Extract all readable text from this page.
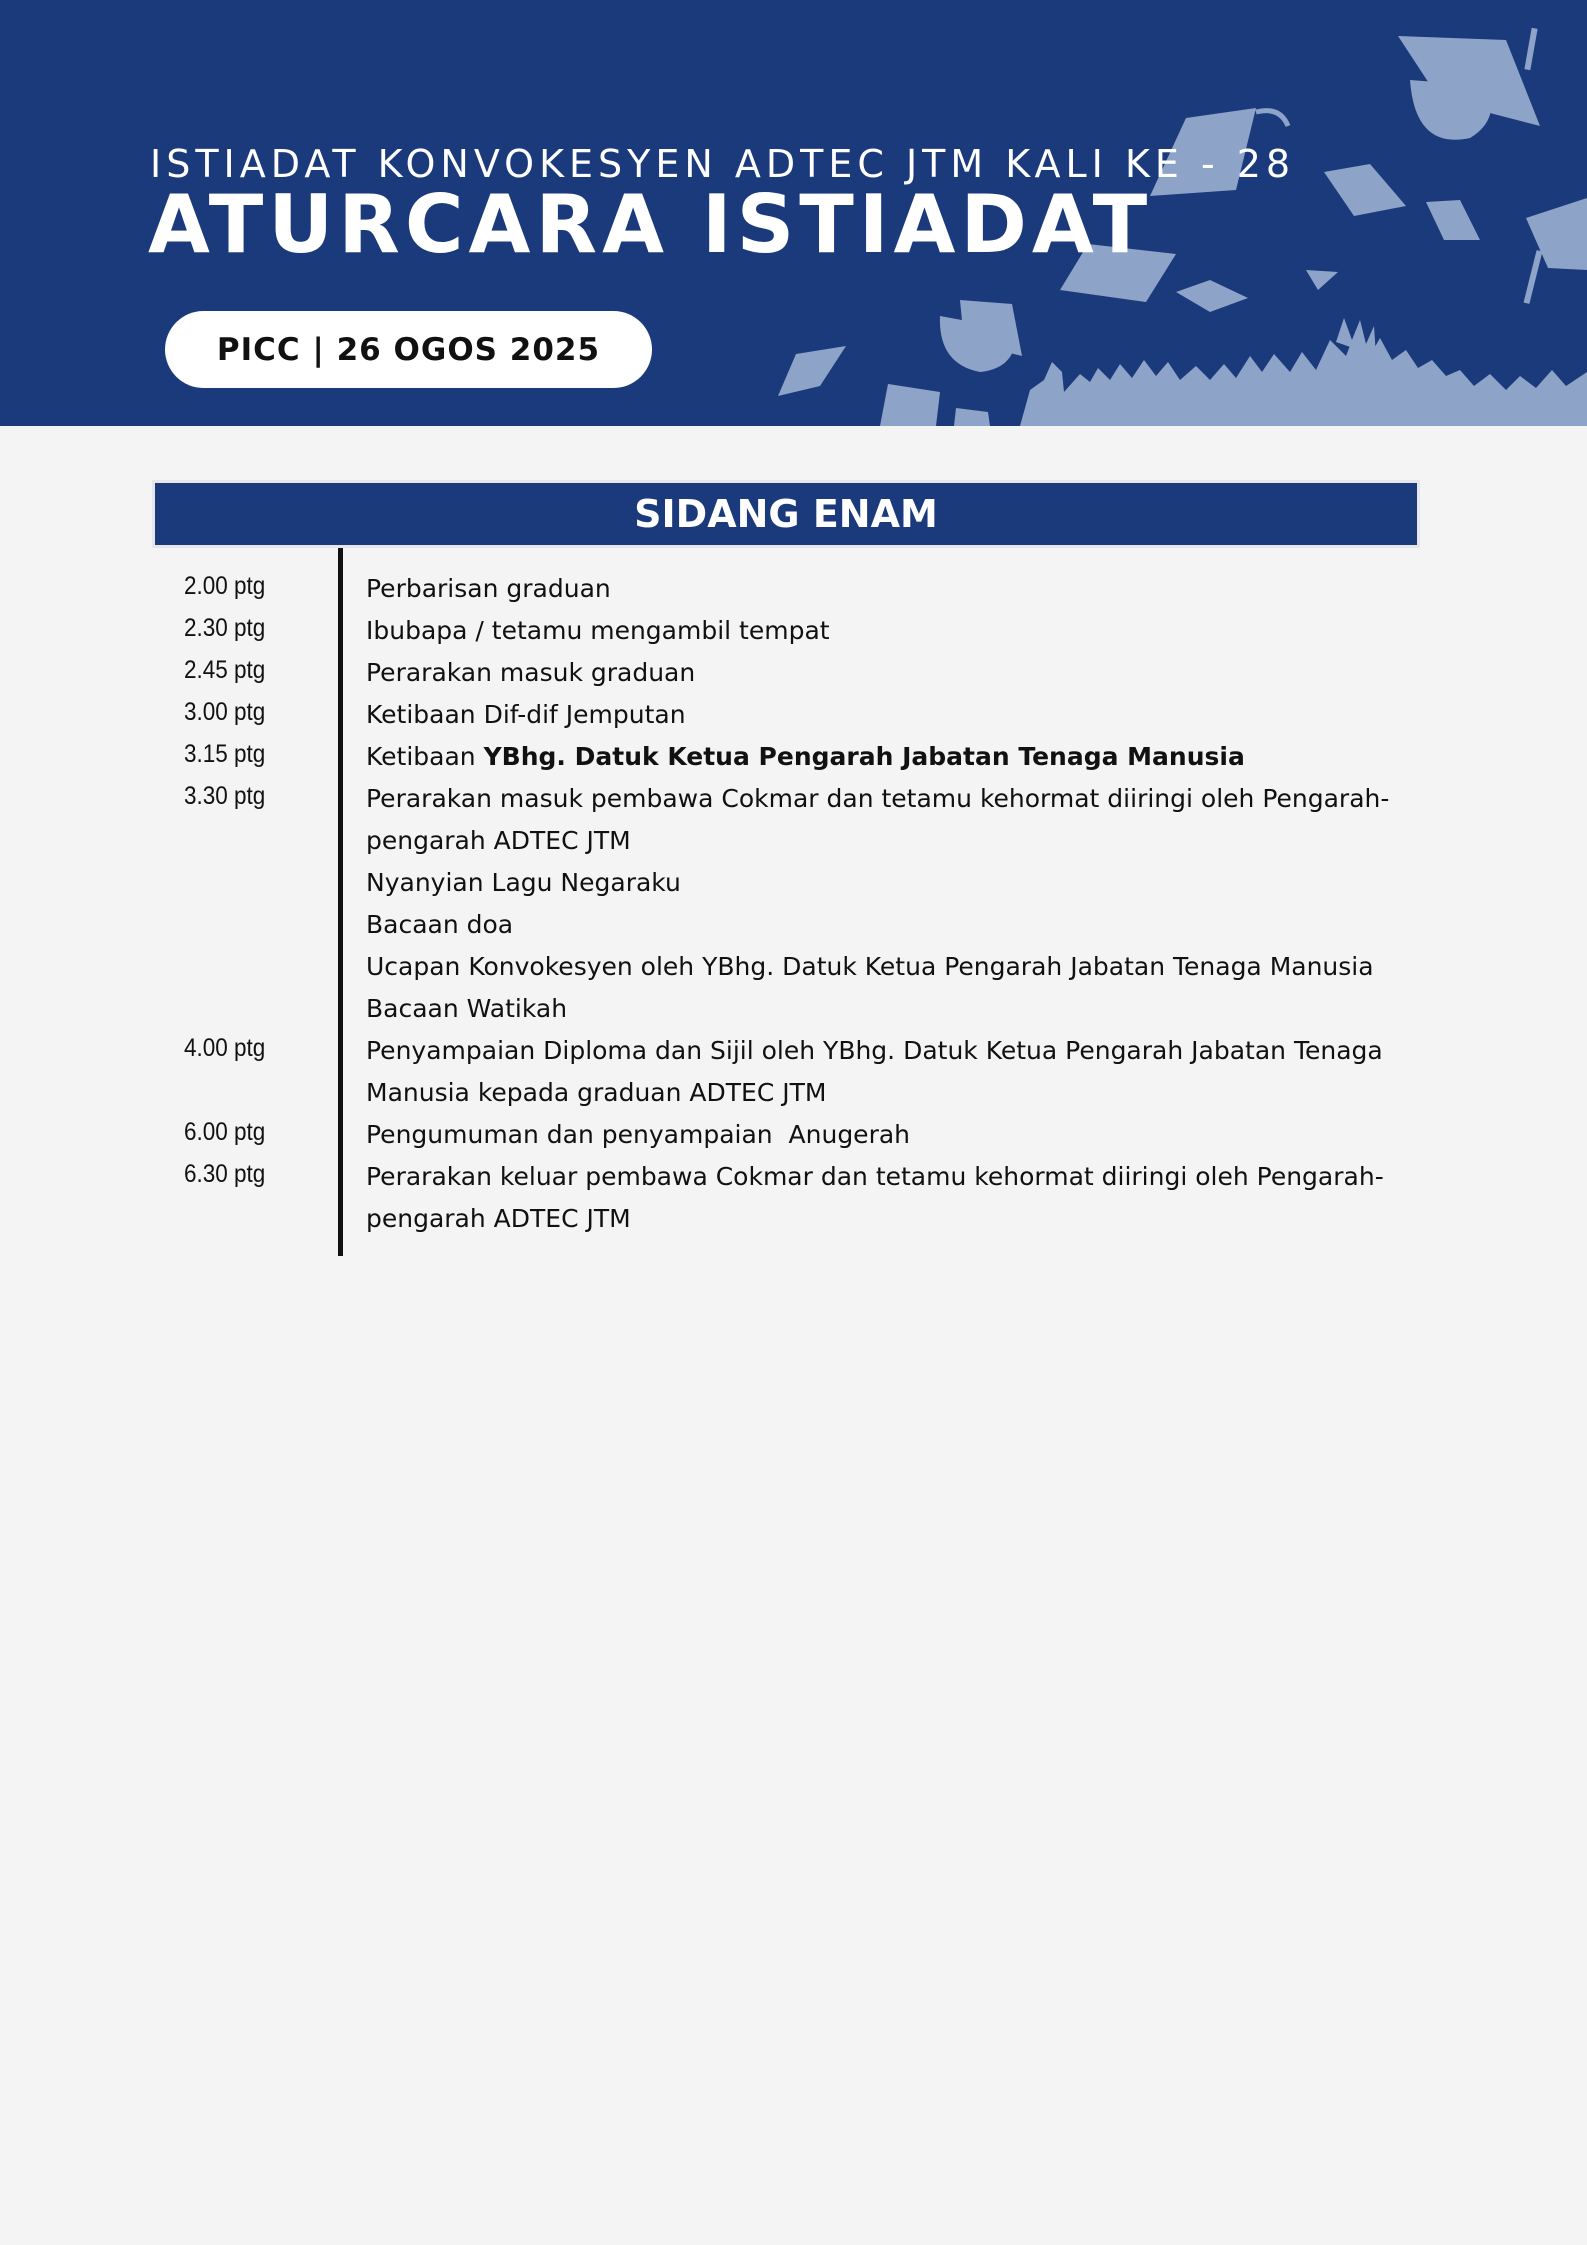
ISTIADAT KONVOKESYEN ADTEC JTM KALI KE - 28
ATURCARA ISTIADAT
PICC | 26 OGOS 2025
SIDANG ENAM
2.00 ptg	Perbarisan graduan
2.30 ptg	Ibubapa / tetamu mengambil tempat
2.45 ptg	Perarakan masuk graduan
3.00 ptg	Ketibaan Dif-dif Jemputan
3.15 ptg	Ketibaan YBhg. Datuk Ketua Pengarah Jabatan Tenaga Manusia
3.30 ptg	Perarakan masuk pembawa Cokmar dan tetamu kehormat diiringi oleh Pengarah-
pengarah ADTEC JTM
Nyanyian Lagu Negaraku
Bacaan doa
Ucapan Konvokesyen oleh YBhg. Datuk Ketua Pengarah Jabatan Tenaga Manusia
Bacaan Watikah
4.00 ptg	Penyampaian Diploma dan Sijil oleh YBhg. Datuk Ketua Pengarah Jabatan Tenaga
Manusia kepada graduan ADTEC JTM
6.00 ptg	Pengumuman dan penyampaian  Anugerah
6.30 ptg	Perarakan keluar pembawa Cokmar dan tetamu kehormat diiringi oleh Pengarah-
pengarah ADTEC JTM
